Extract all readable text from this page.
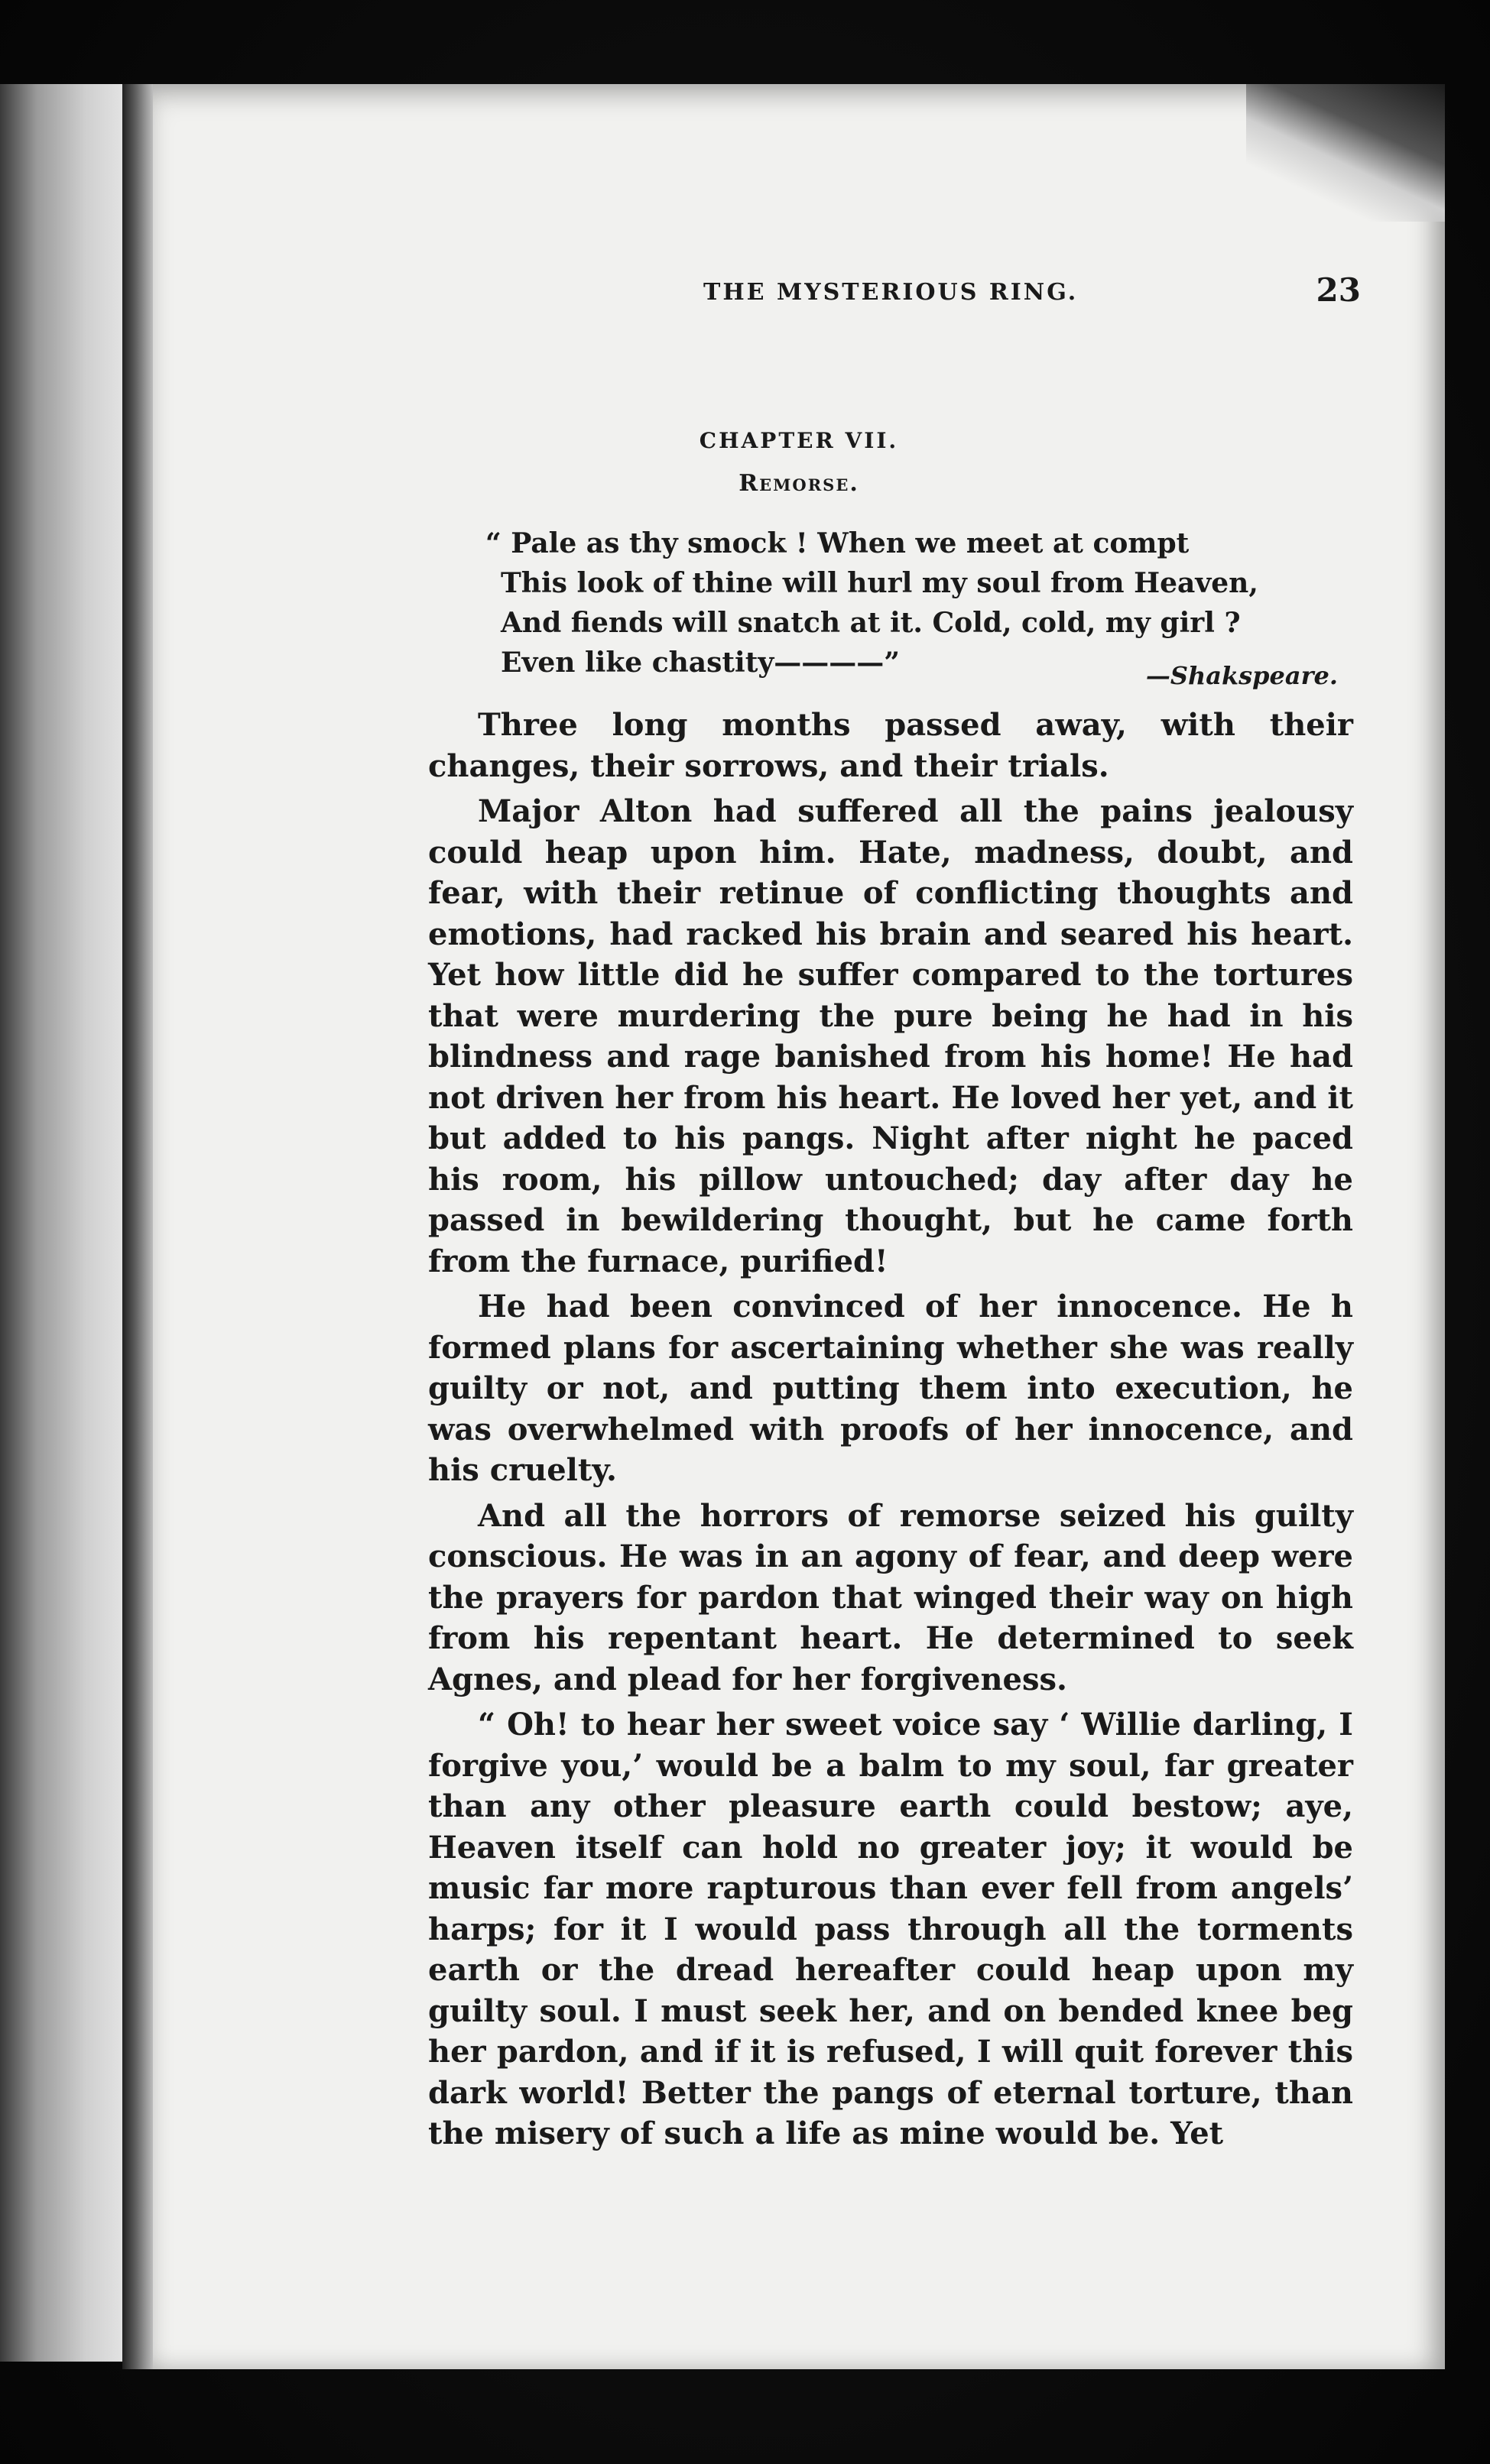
THE MYSTERIOUS RING.	23
CHAPTER VII.
Remorse.
“ Pale as thy smock ! When we meet at compt
This look of thine will hurl my soul from Heaven,
And fiends will snatch at it. Cold, cold, my girl ?
Even like chastity————”	—Shakspeare.

Three long months passed away, with their changes, their sorrows, and their trials.

Major Alton had suffered all the pains jealousy could heap upon him. Hate, madness, doubt, and fear, with their retinue of conflicting thoughts and emotions, had racked his brain and seared his heart. Yet how little did he suffer compared to the tortures that were murdering the pure being he had in his blindness and rage banished from his home! He had not driven her from his heart. He loved her yet, and it but added to his pangs. Night after night he paced his room, his pillow untouched; day after day he passed in bewildering thought, but he came forth from the furnace, purified!

He had been convinced of her innocence. He h formed plans for ascertaining whether she was really guilty or not, and putting them into execution, he was overwhelmed with proofs of her innocence, and his cruelty.

And all the horrors of remorse seized his guilty conscious. He was in an agony of fear, and deep were the prayers for pardon that winged their way on high from his repentant heart. He determined to seek Agnes, and plead for her forgiveness.

“ Oh! to hear her sweet voice say ‘ Willie darling, I forgive you,’ would be a balm to my soul, far greater than any other pleasure earth could bestow; aye, Heaven itself can hold no greater joy; it would be music far more rapturous than ever fell from angels’ harps; for it I would pass through all the torments earth or the dread hereafter could heap upon my guilty soul. I must seek her, and on bended knee beg her pardon, and if it is refused, I will quit forever this dark world! Better the pangs of eternal torture, than the misery of such a life as mine would be. Yet
